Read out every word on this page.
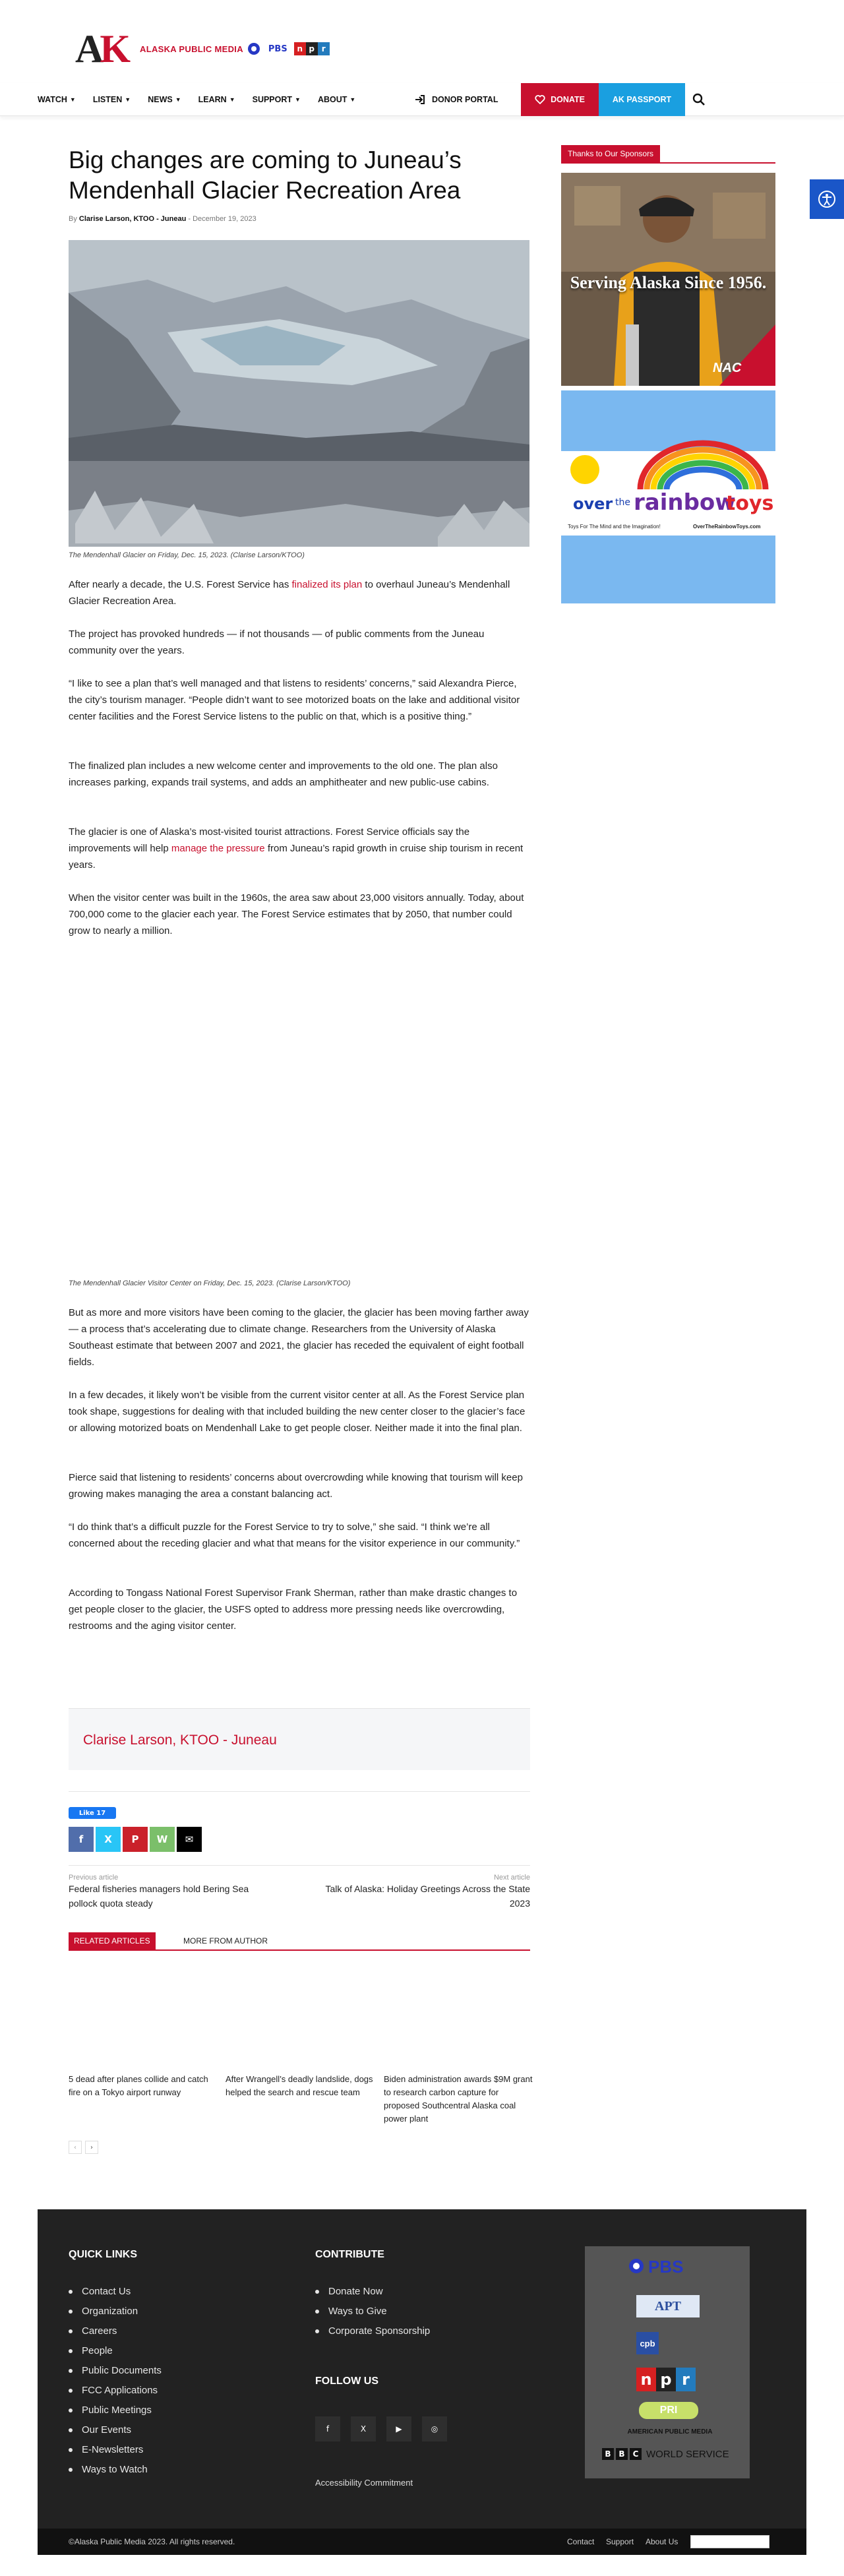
AK ALASKA PUBLIC MEDIA	PBS	n p r
WATCH ▼ LISTEN ▼ NEWS ▼ LEARN ▼ SUPPORT ▼ ABOUT ▼	DONOR PORTAL	DONATE	AK PASSPORT
Big changes are coming to Juneau’s Mendenhall Glacier Recreation Area
By Clarise Larson, KTOO - Juneau - December 19, 2023
The Mendenhall Glacier on Friday, Dec. 15, 2023. (Clarise Larson/KTOO)

After nearly a decade, the U.S. Forest Service has finalized its plan to overhaul Juneau’s Mendenhall Glacier Recreation Area.

The project has provoked hundreds — if not thousands — of public comments from the Juneau community over the years.

“I like to see a plan that’s well managed and that listens to residents’ concerns,” said Alexandra Pierce, the city’s tourism manager. “People didn’t want to see motorized boats on the lake and additional visitor center facilities and the Forest Service listens to the public on that, which is a positive thing.”

The finalized plan includes a new welcome center and improvements to the old one. The plan also increases parking, expands trail systems, and adds an amphitheater and new public-use cabins.

The glacier is one of Alaska’s most-visited tourist attractions. Forest Service officials say the improvements will help manage the pressure from Juneau’s rapid growth in cruise ship tourism in recent years.

When the visitor center was built in the 1960s, the area saw about 23,000 visitors annually. Today, about 700,000 come to the glacier each year. The Forest Service estimates that by 2050, that number could grow to nearly a million.

The Mendenhall Glacier Visitor Center on Friday, Dec. 15, 2023. (Clarise Larson/KTOO)

But as more and more visitors have been coming to the glacier, the glacier has been moving farther away — a process that’s accelerating due to climate change. Researchers from the University of Alaska Southeast estimate that between 2007 and 2021, the glacier has receded the equivalent of eight football fields.

In a few decades, it likely won’t be visible from the current visitor center at all. As the Forest Service plan took shape, suggestions for dealing with that included building the new center closer to the glacier’s face or allowing motorized boats on Mendenhall Lake to get people closer. Neither made it into the final plan.

Pierce said that listening to residents’ concerns about overcrowding while knowing that tourism will keep growing makes managing the area a constant balancing act.

“I do think that’s a difficult puzzle for the Forest Service to try to solve,” she said. “I think we’re all concerned about the receding glacier and what that means for the visitor experience in our community.”

According to Tongass National Forest Supervisor Frank Sherman, rather than make drastic changes to get people closer to the glacier, the USFS opted to address more pressing needs like overcrowding, restrooms and the aging visitor center.

Clarise Larson, KTOO - Juneau
Like 17
f	X	P	W	✉
Previous article
Federal fisheries managers hold Bering Sea pollock quota steady
Next article
Talk of Alaska: Holiday Greetings Across the State 2023
RELATED ARTICLES	MORE FROM AUTHOR
5 dead after planes collide and catch fire on a Tokyo airport runway
After Wrangell’s deadly landslide, dogs helped the search and rescue team
Biden administration awards $9M grant to research carbon capture for proposed Southcentral Alaska coal power plant
‹	›
Thanks to Our Sponsors
Serving Alaska Since 1956.
NAC
over the rainbow
toys
Toys For The Mind and the Imagination!	OverTheRainbowToys.com
QUICK LINKS
Contact Us
Organization
Careers
People
Public Documents
FCC Applications
Public Meetings
Our Events
E-Newsletters
Ways to Watch
CONTRIBUTE
Donate Now
Ways to Give
Corporate Sponsorship
FOLLOW US
f	X	▶	◎
Accessibility Commitment
PBS
APT
cpb
n p r
PRI
AMERICAN PUBLIC MEDIA
B B	C WORLD SERVICE
©Alaska Public Media 2023. All rights reserved.	Contact Support About Us
